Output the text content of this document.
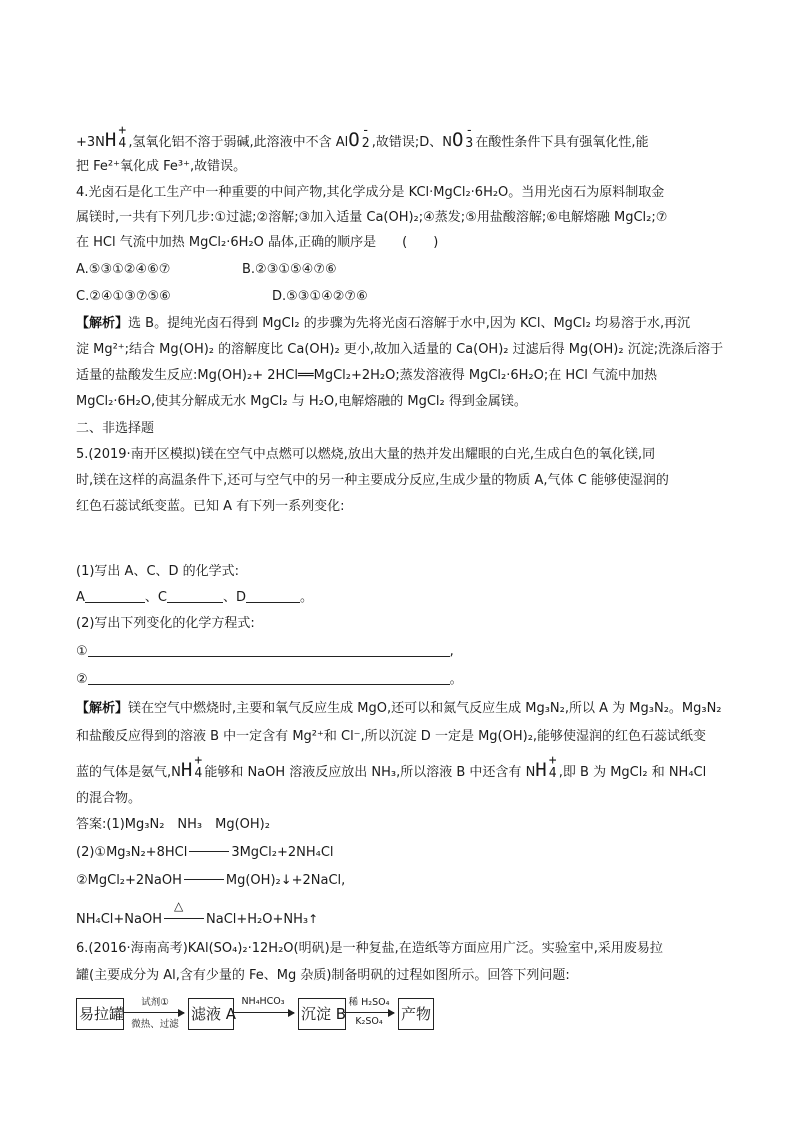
+3NH +
4 ,氢氧化铝不溶于弱碱,此溶液中不含 AlO -
2 ,故错误;D、NO -
3 在酸性条件下具有强氧化性,能
把 Fe²⁺氧化成 Fe³⁺,故错误。
4.光卤石是化工生产中一种重要的中间产物,其化学成分是 KCl·MgCl₂·6H₂O。当用光卤石为原料制取金
属镁时,一共有下列几步:①过滤;②溶解;③加入适量 Ca(OH)₂;④蒸发;⑤用盐酸溶解;⑥电解熔融 MgCl₂;⑦
在 HCl 气流中加热 MgCl₂·6H₂O 晶体,正确的顺序是　　(　　)
A.⑤③①②④⑥⑦	B.②③①⑤④⑦⑥
C.②④①③⑦⑤⑥	D.⑤③①④②⑦⑥
【解析】选 B。提纯光卤石得到 MgCl₂ 的步骤为先将光卤石溶解于水中,因为 KCl、MgCl₂ 均易溶于水,再沉
淀 Mg²⁺;结合 Mg(OH)₂ 的溶解度比 Ca(OH)₂ 更小,故加入适量的 Ca(OH)₂ 过滤后得 Mg(OH)₂ 沉淀;洗涤后溶于
适量的盐酸发生反应:Mg(OH)₂+ 2HCl══MgCl₂+2H₂O;蒸发溶液得 MgCl₂·6H₂O;在 HCl 气流中加热
MgCl₂·6H₂O,使其分解成无水 MgCl₂ 与 H₂O,电解熔融的 MgCl₂ 得到金属镁。
二、非选择题
5.(2019·南开区模拟)镁在空气中点燃可以燃烧,放出大量的热并发出耀眼的白光,生成白色的氧化镁,同
时,镁在这样的高温条件下,还可与空气中的另一种主要成分反应,生成少量的物质 A,气体 C 能够使湿润的
红色石蕊试纸变蓝。已知 A 有下列一系列变化:
(1)写出 A、C、D 的化学式:
A	、C	、D	。
(2)写出下列变化的化学方程式:
①	,
②	。
【解析】镁在空气中燃烧时,主要和氧气反应生成 MgO,还可以和氮气反应生成 Mg₃N₂,所以 A 为 Mg₃N₂。Mg₃N₂
和盐酸反应得到的溶液 B 中一定含有 Mg²⁺和 Cl⁻,所以沉淀 D 一定是 Mg(OH)₂,能够使湿润的红色石蕊试纸变
蓝的气体是氨气,NH +
4 能够和 NaOH 溶液反应放出 NH₃,所以溶液 B 中还含有 NH +
4 ,即 B 为 MgCl₂ 和 NH₄Cl
的混合物。
答案:(1)Mg₃N₂　NH₃　Mg(OH)₂
(2)①Mg₃N₂+8HCl	3MgCl₂+2NH₄Cl
②MgCl₂+2NaOH	Mg(OH)₂↓+2NaCl,
NH₄Cl+NaOH
△
NaCl+H₂O+NH₃↑
6.(2016·海南高考)KAl(SO₄)₂·12H₂O(明矾)是一种复盐,在造纸等方面应用广泛。实验室中,采用废易拉
罐(主要成分为 Al,含有少量的 Fe、Mg 杂质)制备明矾的过程如图所示。回答下列问题:
易拉罐
试剂①
微热、过滤
滤液 A
NH₄HCO₃
沉淀 B
稀 H₂SO₄
K₂SO₄	产物
